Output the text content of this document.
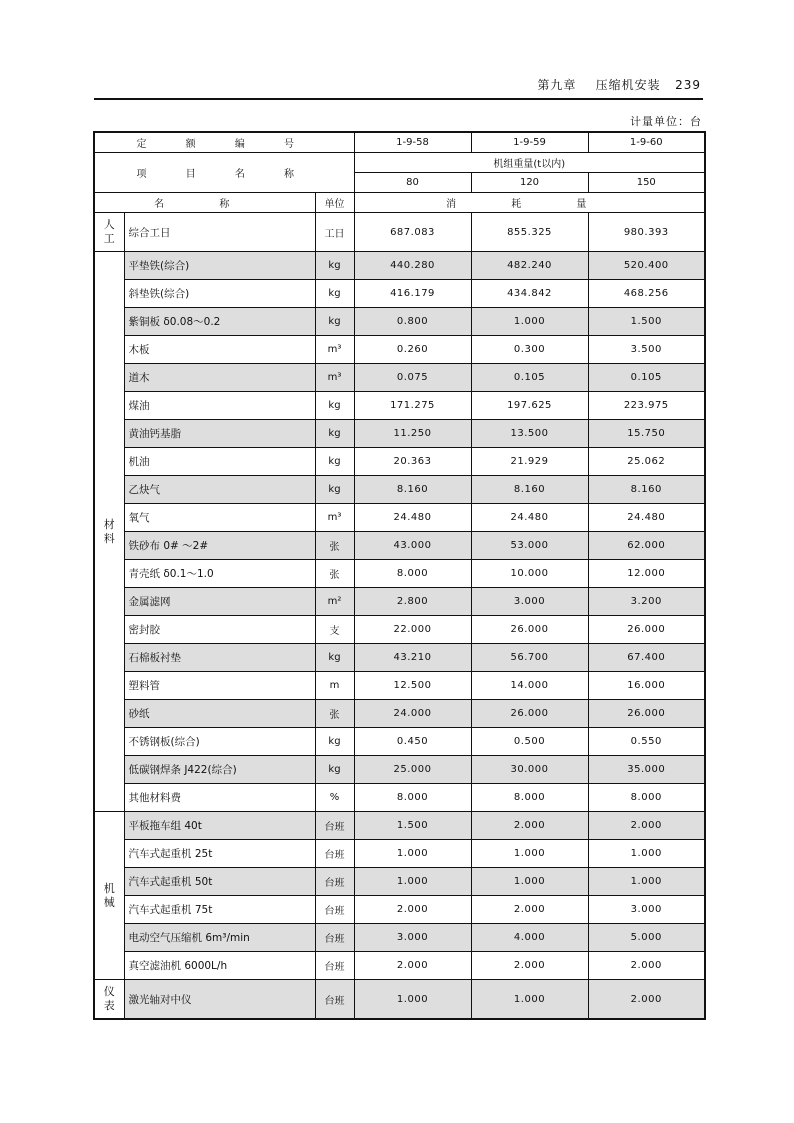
第九章 压缩机安装 239
计量单位：台
定 额 编 号			1-9-58	1-9-59	1-9-60
项 目 名 称			机组重量(t以内)		
			80	120	150
名 称		单位	消 耗 量		
人
工	综合工日	工日	687.083	855.325	980.393
材
料	平垫铁(综合)	kg	440.280	482.240	520.400
	斜垫铁(综合)	kg	416.179	434.842	468.256
	紫铜板 δ0.08～0.2	kg	0.800	1.000	1.500
	木板	m³	0.260	0.300	3.500
	道木	m³	0.075	0.105	0.105
	煤油	kg	171.275	197.625	223.975
	黄油钙基脂	kg	11.250	13.500	15.750
	机油	kg	20.363	21.929	25.062
	乙炔气	kg	8.160	8.160	8.160
	氧气	m³	24.480	24.480	24.480
	铁砂布 0# ～2#	张	43.000	53.000	62.000
	青壳纸 δ0.1～1.0	张	8.000	10.000	12.000
	金属滤网	m²	2.800	3.000	3.200
	密封胶	支	22.000	26.000	26.000
	石棉板衬垫	kg	43.210	56.700	67.400
	塑料管	m	12.500	14.000	16.000
	砂纸	张	24.000	26.000	26.000
	不锈钢板(综合)	kg	0.450	0.500	0.550
	低碳钢焊条 J422(综合)	kg	25.000	30.000	35.000
	其他材料费	%	8.000	8.000	8.000
机
械	平板拖车组 40t	台班	1.500	2.000	2.000
	汽车式起重机 25t	台班	1.000	1.000	1.000
	汽车式起重机 50t	台班	1.000	1.000	1.000
	汽车式起重机 75t	台班	2.000	2.000	3.000
	电动空气压缩机 6m³/min	台班	3.000	4.000	5.000
	真空滤油机 6000L/h	台班	2.000	2.000	2.000
仪
表	激光轴对中仪	台班	1.000	1.000	2.000
